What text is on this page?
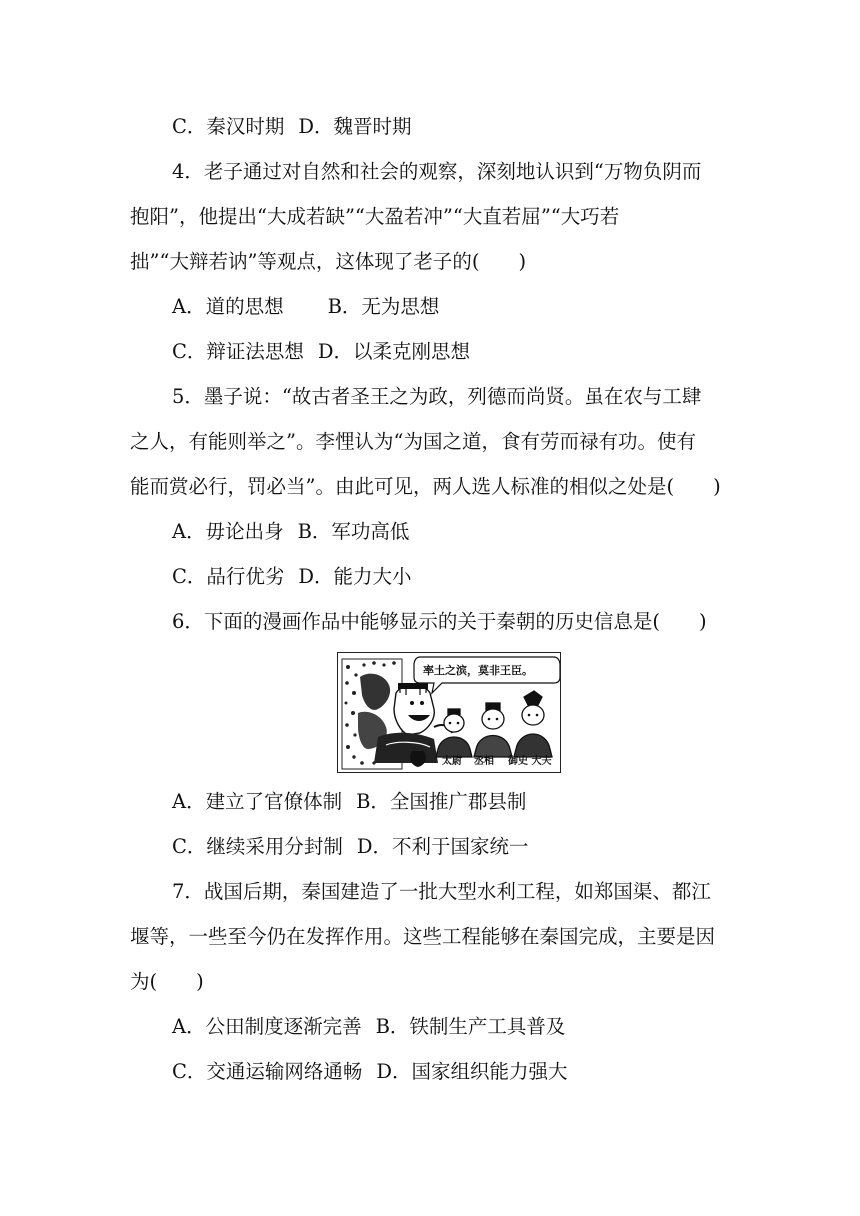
C．秦汉时期 D．魏晋时期
4．老子通过对自然和社会的观察，深刻地认识到“万物负阴而
抱阳”，他提出“大成若缺”“大盈若冲”“大直若屈”“大巧若
拙”“大辩若讷”等观点，这体现了老子的(　　)
A．道的思想 B．无为思想
C．辩证法思想 D．以柔克刚思想
5．墨子说：“故古者圣王之为政，列德而尚贤。虽在农与工肆
之人，有能则举之”。李悝认为“为国之道，食有劳而禄有功。使有
能而赏必行，罚必当”。由此可见，两人选人标准的相似之处是(　　)
A．毋论出身 B．军功高低
C．品行优劣 D．能力大小
6．下面的漫画作品中能够显示的关于秦朝的历史信息是(　　)
率土之滨，莫非王臣。
太尉 丞相 御史 大夫
A．建立了官僚体制 B．全国推广郡县制
C．继续采用分封制 D．不利于国家统一
7．战国后期，秦国建造了一批大型水利工程，如郑国渠、都江
堰等，一些至今仍在发挥作用。这些工程能够在秦国完成，主要是因
为(　　)
A．公田制度逐渐完善 B．铁制生产工具普及
C．交通运输网络通畅 D．国家组织能力强大
